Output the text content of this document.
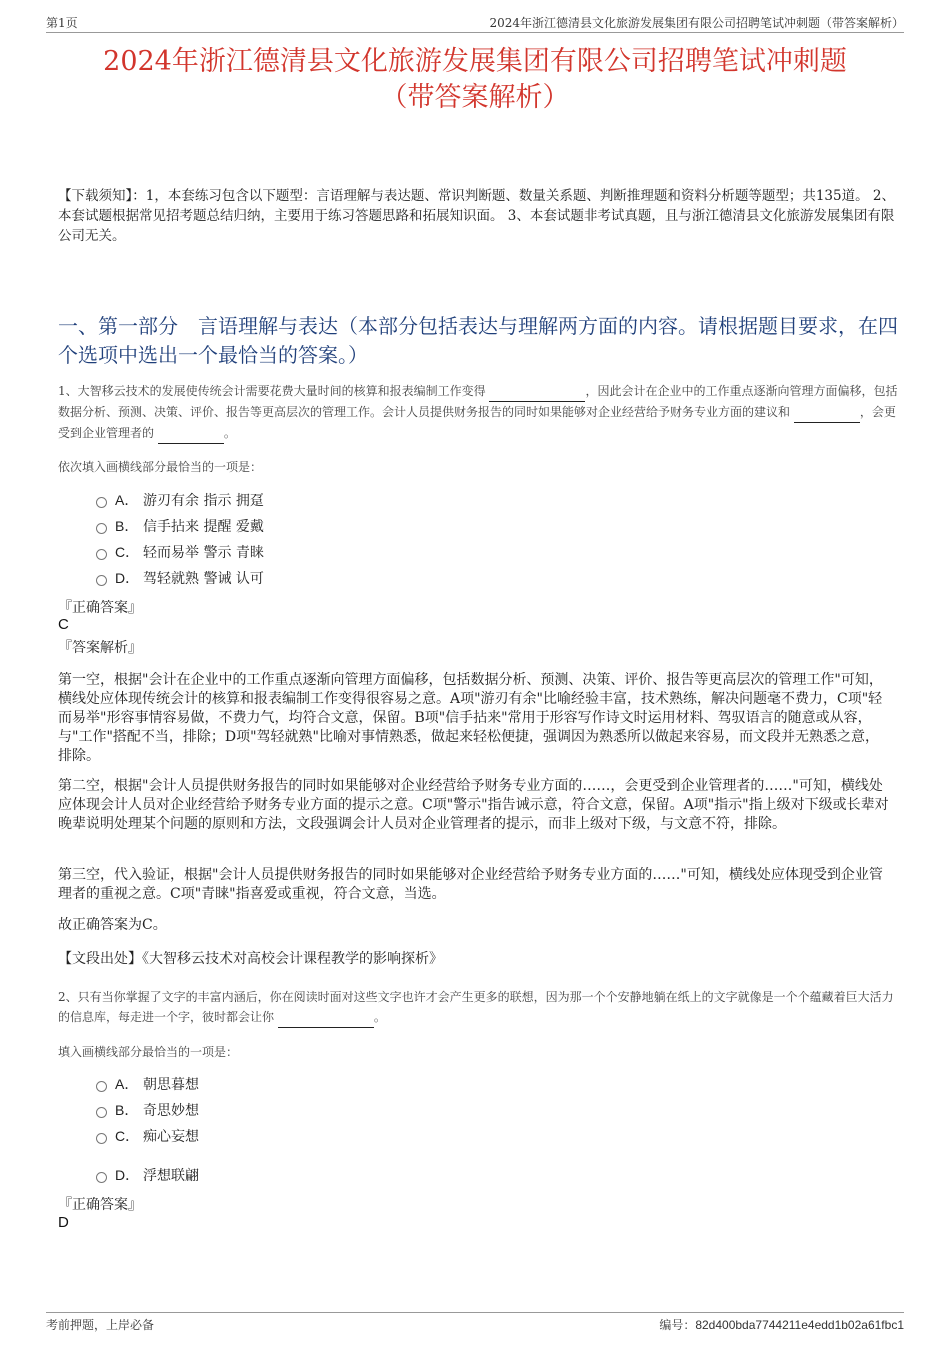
第1页	2024年浙江德清县文化旅游发展集团有限公司招聘笔试冲刺题（带答案解析）
2024年浙江德清县文化旅游发展集团有限公司招聘笔试冲刺题
（带答案解析）
【下载须知】：1，本套练习包含以下题型：言语理解与表达题、常识判断题、数量关系题、判断推理题和资料分析题等题型；共135道。 2、本套试题根据常见招考题总结归纳，主要用于练习答题思路和拓展知识面。 3、本套试题非考试真题，且与浙江德清县文化旅游发展集团有限公司无关。
一、第一部分　言语理解与表达（本部分包括表达与理解两方面的内容。请根据题目要求，在四个选项中选出一个最恰当的答案。）
1、大智移云技术的发展使传统会计需要花费大量时间的核算和报表编制工作变得	，因此会计在企业中的工作重点逐渐向管理方面偏移，包括数据分析、预测、决策、评价、报告等更高层次的管理工作。会计人员提供财务报告的同时如果能够对企业经营给予财务专业方面的建议和	，会更受到企业管理者的	。
依次填入画横线部分最恰当的一项是：
A． 游刃有余 指示 拥趸
B． 信手拈来 提醒 爱戴
C． 轻而易举 警示 青睐
D． 驾轻就熟 警诫 认可
『正确答案』
C
『答案解析』
第一空，根据"会计在企业中的工作重点逐渐向管理方面偏移，包括数据分析、预测、决策、评价、报告等更高层次的管理工作"可知，横线处应体现传统会计的核算和报表编制工作变得很容易之意。A项"游刃有余"比喻经验丰富，技术熟练，解决问题毫不费力，C项"轻而易举"形容事情容易做，不费力气，均符合文意，保留。B项"信手拈来"常用于形容写作诗文时运用材料、驾驭语言的随意或从容，与"工作"搭配不当，排除；D项"驾轻就熟"比喻对事情熟悉，做起来轻松便捷，强调因为熟悉所以做起来容易，而文段并无熟悉之意，排除。
第二空，根据"会计人员提供财务报告的同时如果能够对企业经营给予财务专业方面的……，会更受到企业管理者的……"可知，横线处应体现会计人员对企业经营给予财务专业方面的提示之意。C项"警示"指告诫示意，符合文意，保留。A项"指示"指上级对下级或长辈对晚辈说明处理某个问题的原则和方法，文段强调会计人员对企业管理者的提示，而非上级对下级，与文意不符，排除。
第三空，代入验证，根据"会计人员提供财务报告的同时如果能够对企业经营给予财务专业方面的……"可知，横线处应体现受到企业管理者的重视之意。C项"青睐"指喜爱或重视，符合文意，当选。
故正确答案为C。
【文段出处】《大智移云技术对高校会计课程教学的影响探析》
2、只有当你掌握了文字的丰富内涵后，你在阅读时面对这些文字也许才会产生更多的联想，因为那一个个安静地躺在纸上的文字就像是一个个蕴藏着巨大活力的信息库，每走进一个字，彼时都会让你	。
填入画横线部分最恰当的一项是：
A． 朝思暮想
B． 奇思妙想
C． 痴心妄想
D． 浮想联翩
『正确答案』
D
考前押题，上岸必备	编号：82d400bda7744211e4edd1b02a61fbc1
